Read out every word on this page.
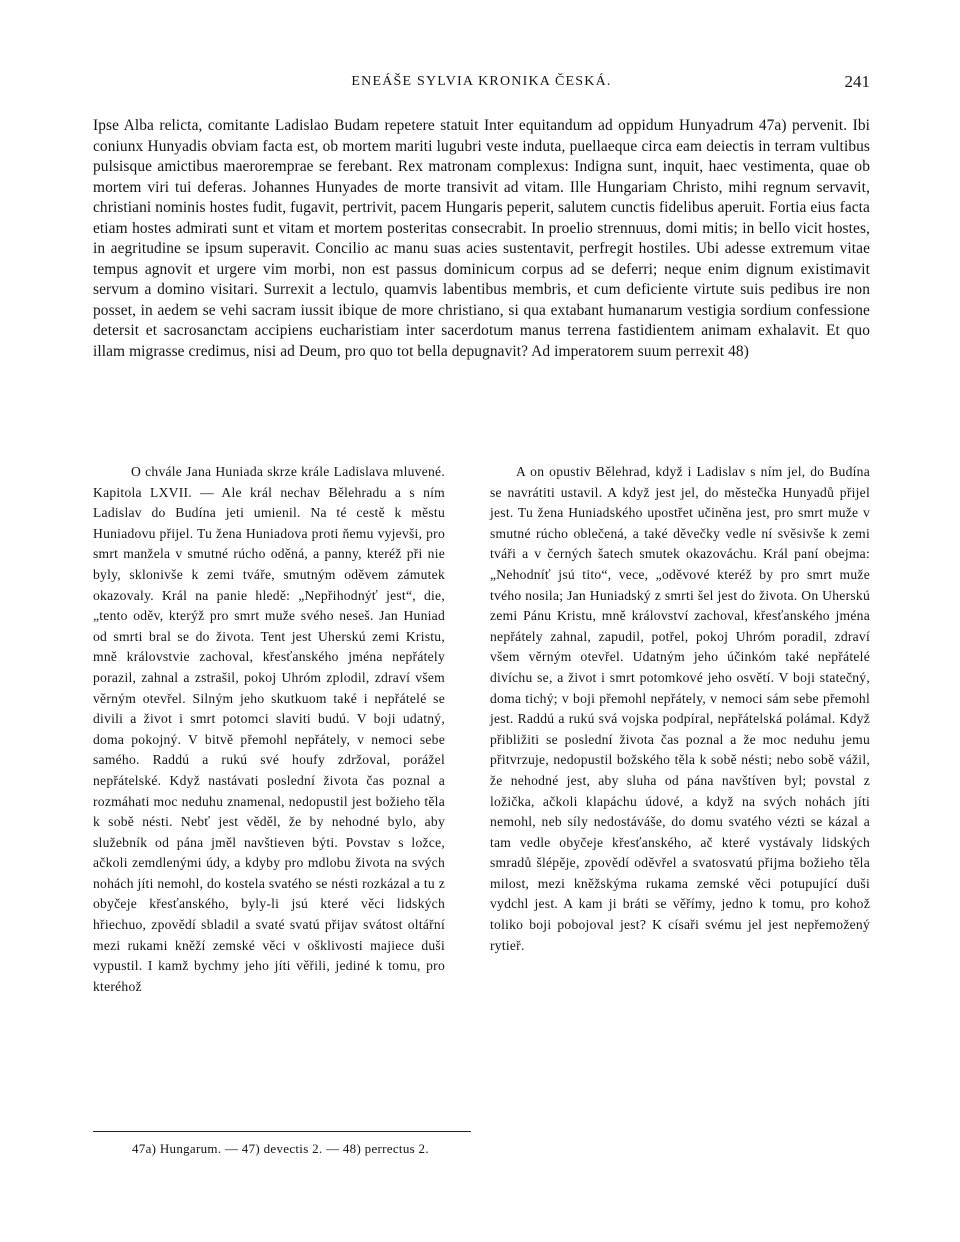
ENEÁŠE SYLVIA KRONIKA ČESKÁ.	241

Ipse Alba relicta, comitante Ladislao Budam repetere statuit Inter equitandum ad oppidum Hunyadrum 47a) pervenit. Ibi coniunx Hunyadis obviam facta est, ob mortem mariti lugubri veste induta, puellaeque circa eam deiectis in terram vultibus pulsisque amictibus maeroremprae se ferebant. Rex matronam complexus: Indigna sunt, inquit, haec vestimenta, quae ob mortem viri tui deferas. Johannes Hunyades de morte transivit ad vitam. Ille Hungariam Christo, mihi regnum servavit, christiani nominis hostes fudit, fugavit, pertrivit, pacem Hungaris peperit, salutem cunctis fidelibus aperuit. Fortia eius facta etiam hostes admirati sunt et vitam et mortem posteritas consecrabit. In proelio strennuus, domi mitis; in bello vicit hostes, in aegritudine se ipsum superavit. Concilio ac manu suas acies sustentavit, perfregit hostiles. Ubi adesse extremum vitae tempus agnovit et urgere vim morbi, non est passus dominicum corpus ad se deferri; neque enim dignum existimavit servum a domino visitari. Surrexit a lectulo, quamvis labentibus membris, et cum deficiente virtute suis pedibus ire non posset, in aedem se vehi sacram iussit ibique de more christiano, si qua extabant humanarum vestigia sordium confessione detersit et sacrosanctam accipiens eucharistiam inter sacerdotum manus terrena fastidientem animam exhalavit. Et quo illam migrasse credimus, nisi ad Deum, pro quo tot bella depugnavit? Ad imperatorem suum perrexit 48)

O chvále Jana Huniada skrze krále Ladislava mluvené. Kapitola LXVII. — Ale král nechav Bělehradu a s ním Ladislav do Budína jeti umienil. Na té cestě k městu Huniadovu přijel. Tu žena Huniadova proti ňemu vyjevši, pro smrt manžela v smutné rúcho oděná, a panny, kteréž při nie byly, sklonivše k zemi tváře, smutným oděvem zámutek okazovaly. Král na panie hledě: „Nepřihodnýť jest“, die, „tento oděv, kterýž pro smrt muže svého neseš. Jan Huniad od smrti bral se do života. Tent jest Uherskú zemi Kristu, mně královstvie zachoval, křesťanského jména nepřátely porazil, zahnal a zstrašil, pokoj Uhróm zplodil, zdraví všem věrným otevřel. Silným jeho skutkuom také i nepřátelé se divili a život i smrt potomci slaviti budú. V boji udatný, doma pokojný. V bitvě přemohl nepřátely, v nemoci sebe samého. Raddú a rukú své houfy zdržoval, porážel nepřátelské. Když nastávati poslední života čas poznal a rozmáhati moc neduhu znamenal, nedopustil jest božieho těla k sobě nésti. Nebť jest věděl, že by nehodné bylo, aby služebník od pána jměl navštieven býti. Povstav s ložce, ačkoli zemdlenými údy, a kdyby pro mdlobu života na svých nohách jíti nemohl, do kostela svatého se nésti rozkázal a tu z obyčeje křesťanského, byly-li jsú které věci lidských hřiechuo, zpovědí sbladil a svaté svatú přijav svátost oltářní mezi rukami kněží zemské věci v ošklivosti majiece duši vypustil. I kamž bychmy jeho jíti věřili, jediné k tomu, pro kteréhož

A on opustiv Bělehrad, když i Ladislav s ním jel, do Budína se navrátiti ustavil. A když jest jel, do městečka Hunyadů přijel jest. Tu žena Huniadského upostřet učiněna jest, pro smrt muže v smutné rúcho oblečená, a také děvečky vedle ní svěsivše k zemi tváři a v černých šatech smutek okazováchu. Král paní obejma: „Nehodníť jsú tito“, vece, „oděvové kteréž by pro smrt muže tvého nosila; Jan Huniadský z smrti šel jest do života. On Uherskú zemi Pánu Kristu, mně království zachoval, křesťanského jména nepřátely zahnal, zapudil, potřel, pokoj Uhróm poradil, zdraví všem věrným otevřel. Udatným jeho účinkóm také nepřátelé divíchu se, a život i smrt potomkové jeho osvětí. V boji statečný, doma tichý; v boji přemohl nepřátely, v nemoci sám sebe přemohl jest. Raddú a rukú svá vojska podpíral, nepřátelská polámal. Když přibližiti se poslední života čas poznal a že moc neduhu jemu přitvrzuje, nedopustil božského těla k sobě nésti; nebo sobě vážil, že nehodné jest, aby sluha od pána navštíven byl; povstal z ložička, ačkoli klapáchu údové, a když na svých nohách jíti nemohl, neb síly nedostáváše, do domu svatého vézti se kázal a tam vedle obyčeje křesťanského, ač které vystávaly lidských smradů šlépěje, zpovědí oděvřel a svatosvatú přijma božieho těla milost, mezi kněžskýma rukama zemské věci potupující duši vydchl jest. A kam ji bráti se věřímy, jedno k tomu, pro kohož toliko boji pobojoval jest? K císaři svému jel jest nepřemožený rytieř.

47a) Hungarum. — 47) devectis 2. — 48) perrectus 2.
